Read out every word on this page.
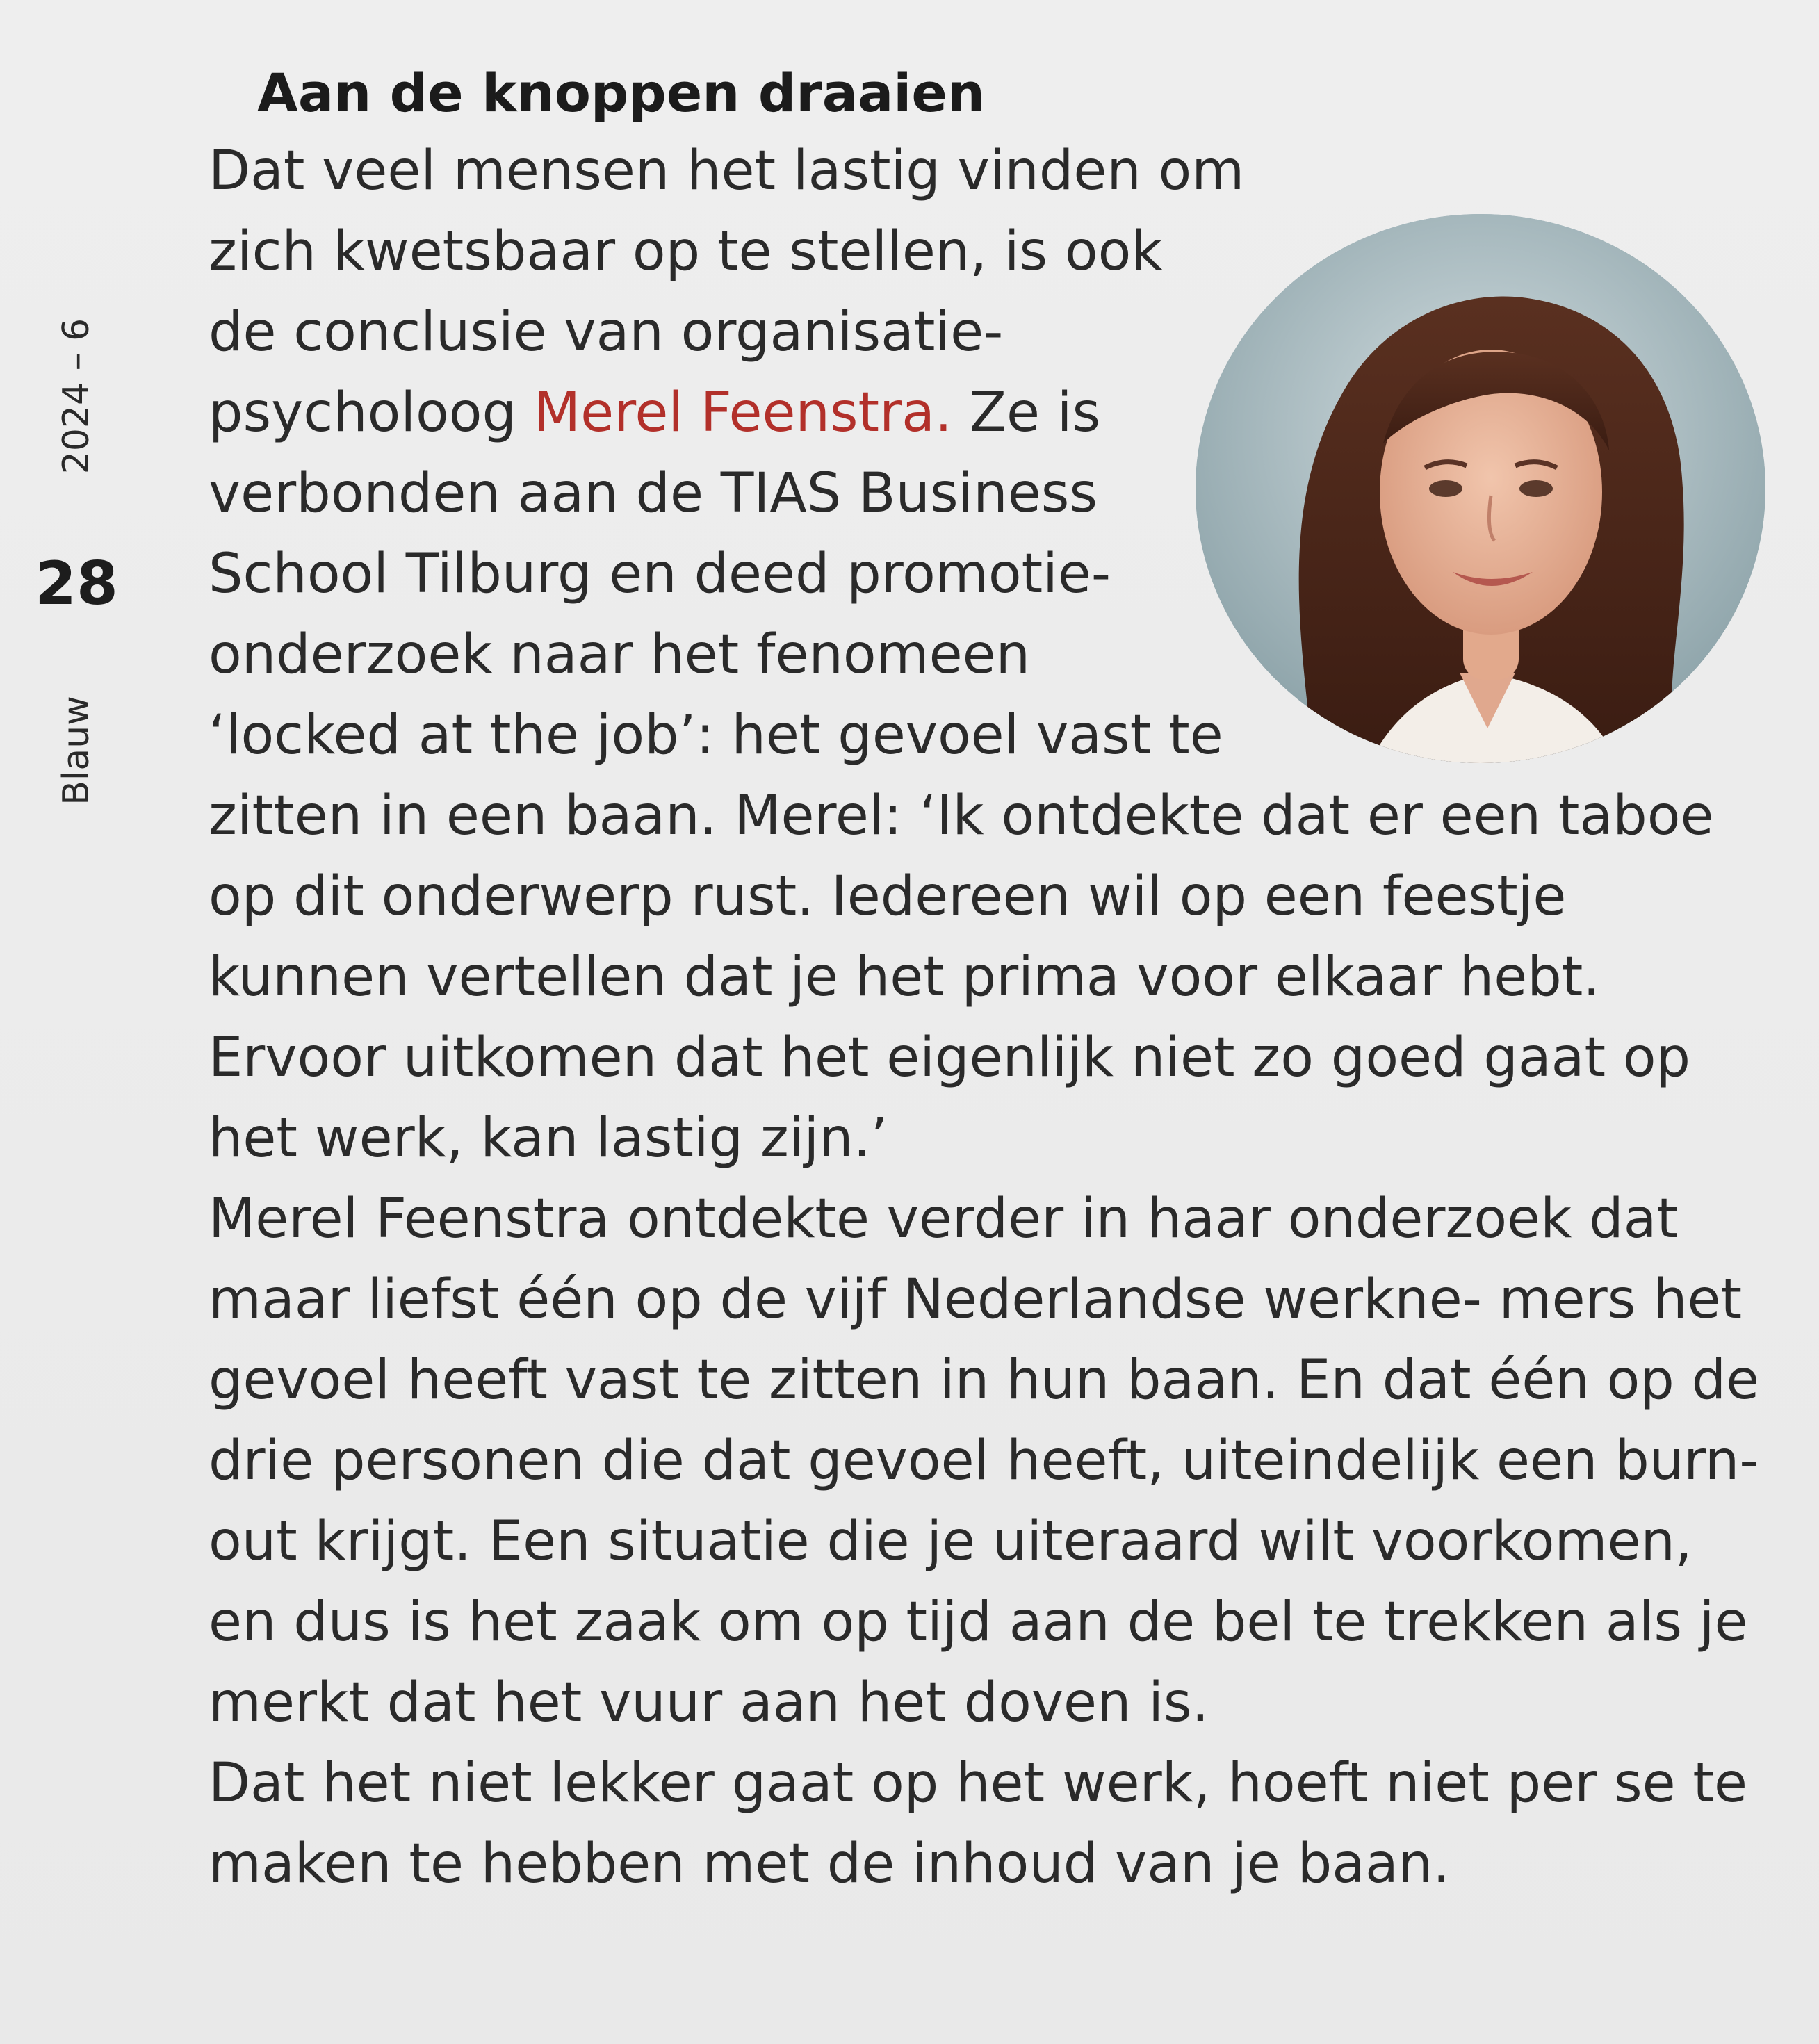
2024 – 6
28
Blauw
Aan de knoppen draaien

Dat veel mensen het lastig vinden om zich kwetsbaar op te stellen, is ook de conclusie van organisatie- psycholoog Merel Feenstra. Ze is verbonden aan de TIAS Business School Tilburg en deed promotie- onderzoek naar het fenomeen ‘locked at the job’: het gevoel vast te zitten in een baan. Merel: ‘Ik ontdekte dat er een taboe op dit onderwerp rust. Iedereen wil op een feestje kunnen vertellen dat je het prima voor elkaar hebt. Ervoor uitkomen dat het eigenlijk niet zo goed gaat op het werk, kan lastig zijn.’

Merel Feenstra ontdekte verder in haar onderzoek dat maar liefst één op de vijf Nederlandse werkne- mers het gevoel heeft vast te zitten in hun baan. En dat één op de drie personen die dat gevoel heeft, uiteindelijk een burn-out krijgt. Een situatie die je uiteraard wilt voorkomen, en dus is het zaak om op tijd aan de bel te trekken als je merkt dat het vuur aan het doven is.

Dat het niet lekker gaat op het werk, hoeft niet per se te maken te hebben met de inhoud van je baan.
